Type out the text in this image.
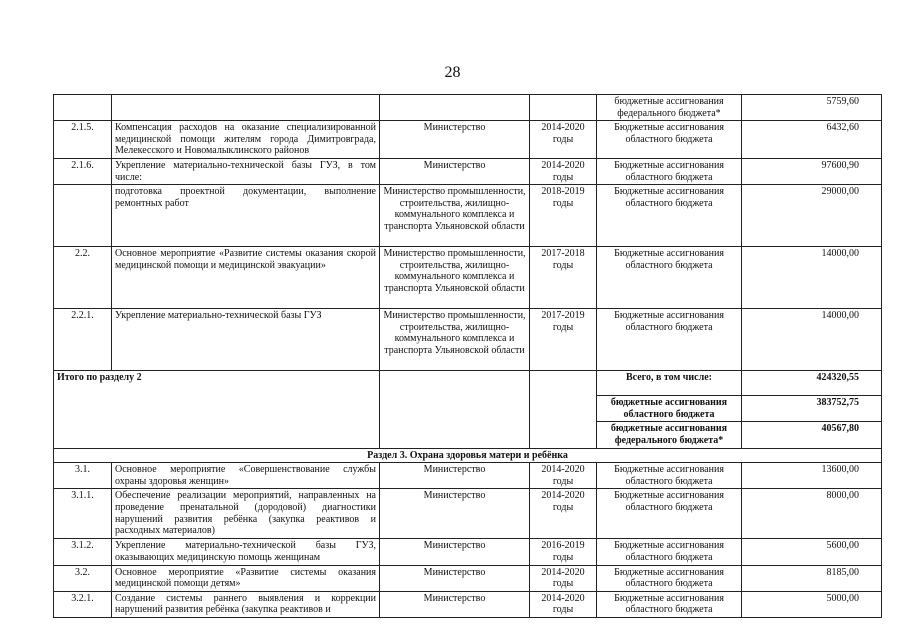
28
				бюджетные ассигнования федерального бюджета*	5759,60
2.1.5.	Компенсация расходов на оказание специализированной медицинской помощи жителям города Димитровграда, Мелекесского и Новомалыклинского районов	Министерство	2014-2020 годы	Бюджетные ассигнования областного бюджета	6432,60
2.1.6.	Укрепление материально-технической базы ГУЗ, в том числе:	Министерство	2014-2020 годы	Бюджетные ассигнования областного бюджета	97600,90
	подготовка проектной документации, выполнение ремонтных работ	Министерство промышленности, строительства, жилищно-коммунального комплекса и транспорта Ульяновской области	2018-2019 годы	Бюджетные ассигнования областного бюджета	29000,00
2.2.	Основное мероприятие «Развитие системы оказания скорой медицинской помощи и медицинской эвакуации»	Министерство промышленности, строительства, жилищно-коммунального комплекса и транспорта Ульяновской области	2017-2018 годы	Бюджетные ассигнования областного бюджета	14000,00
2.2.1.	Укрепление материально-технической базы ГУЗ	Министерство промышленности, строительства, жилищно-коммунального комплекса и транспорта Ульяновской области	2017-2019 годы	Бюджетные ассигнования областного бюджета	14000,00
Итого по разделу 2				Всего, в том числе:	424320,55
				бюджетные ассигнования областного бюджета	383752,75
				бюджетные ассигнования федерального бюджета*	40567,80
Раздел 3. Охрана здоровья матери и ребёнка					
3.1.	Основное мероприятие «Совершенствование службы охраны здоровья женщин»	Министерство	2014-2020 годы	Бюджетные ассигнования областного бюджета	13600,00
3.1.1.	Обеспечение реализации мероприятий, направленных на проведение пренатальной (дородовой) диагностики нарушений развития ребёнка (закупка реактивов и расходных материалов)	Министерство	2014-2020 годы	Бюджетные ассигнования областного бюджета	8000,00
3.1.2.	Укрепление материально-технической базы ГУЗ, оказывающих медицинскую помощь женщинам	Министерство	2016-2019 годы	Бюджетные ассигнования областного бюджета	5600,00
3.2.	Основное мероприятие «Развитие системы оказания медицинской помощи детям»	Министерство	2014-2020 годы	Бюджетные ассигнования областного бюджета	8185,00
3.2.1.	Создание системы раннего выявления и коррекции нарушений развития ребёнка (закупка реактивов и	Министерство	2014-2020 годы	Бюджетные ассигнования областного бюджета	5000,00
